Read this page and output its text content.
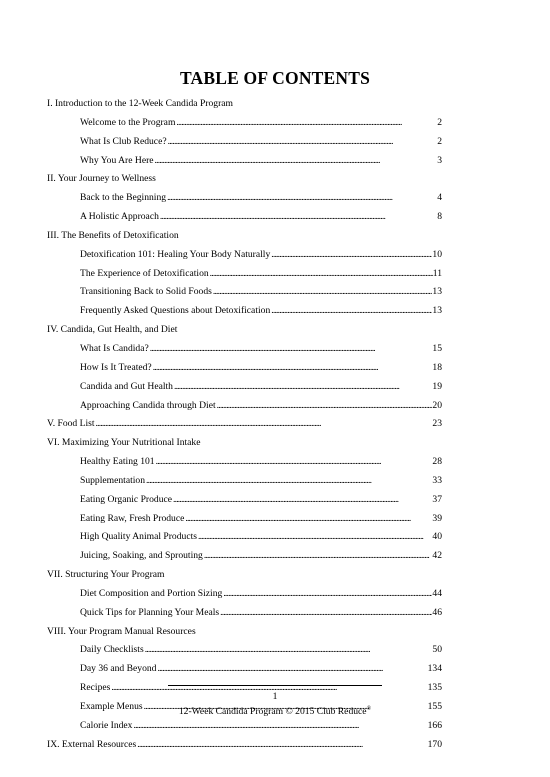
TABLE OF CONTENTS
I. Introduction to the 12-Week Candida Program
Welcome to the Program . . .	2
What Is Club Reduce? . . .	2
Why You Are Here . . .	3
II. Your Journey to Wellness
Back to the Beginning . . .	4
A Holistic Approach . . .	8
III. The Benefits of Detoxification
Detoxification 101: Healing Your Body Naturally . . .	10
The Experience of Detoxification . . .	11
Transitioning Back to Solid Foods . . .	13
Frequently Asked Questions about Detoxification . . .	13
IV. Candida, Gut Health, and Diet
What Is Candida? . . .	15
How Is It Treated? . . .	18
Candida and Gut Health . . .	19
Approaching Candida through Diet . . .	20
V. Food List . . .	23
VI. Maximizing Your Nutritional Intake
Healthy Eating 101 . . .	28
Supplementation . . .	33
Eating Organic Produce . . .	37
Eating Raw, Fresh Produce . . .	39
High Quality Animal Products . . .	40
Juicing, Soaking, and Sprouting . . .	42
VII. Structuring Your Program
Diet Composition and Portion Sizing . . .	44
Quick Tips for Planning Your Meals . . .	46
VIII. Your Program Manual Resources
Daily Checklists . . .	50
Day 36 and Beyond . . .	134
Recipes . . .	135
Example Menus . . .	155
Calorie Index . . .	166
IX. External Resources . . .	170
1
12-Week Candida Program © 2015 Club Reduce®
